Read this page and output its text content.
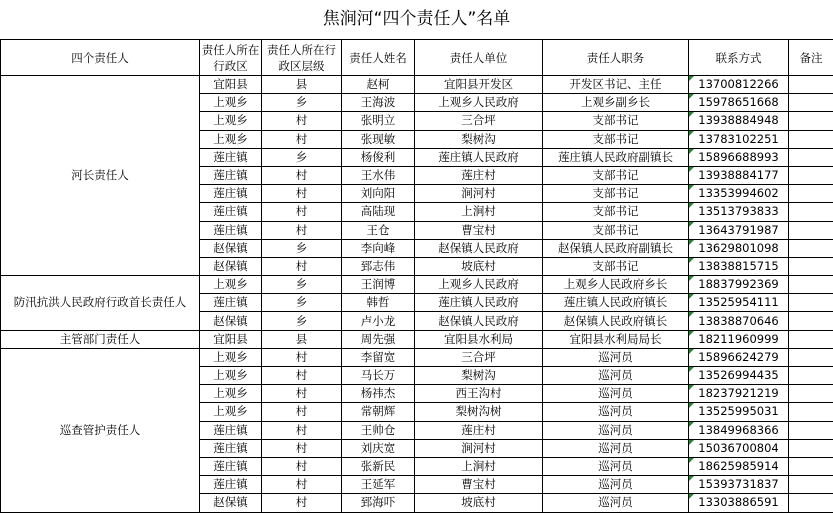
焦涧河“四个责任人”名单
四个责任人	责任人所在行政区	责任人所在行政区层级	责任人姓名	责任人单位	责任人职务	联系方式	备注
河长责任人	宜阳县	县	赵柯	宜阳县开发区	开发区书记、主任	13700812266	
	上观乡	乡	王海波	上观乡人民政府	上观乡副乡长	15978651668	
	上观乡	村	张明立	三合坪	支部书记	13938884948	
	上观乡	村	张现敏	梨树沟	支部书记	13783102251	
	莲庄镇	乡	杨俊利	莲庄镇人民政府	莲庄镇人民政府副镇长	15896688993	
	莲庄镇	村	王水伟	莲庄村	支部书记	13938884177	
	莲庄镇	村	刘向阳	涧河村	支部书记	13353994602	
	莲庄镇	村	高陆现	上涧村	支部书记	13513793833	
	莲庄镇	村	王仓	曹宝村	支部书记	13643791987	
	赵保镇	乡	李向峰	赵保镇人民政府	赵保镇人民政府副镇长	13629801098	
	赵保镇	村	郅志伟	坡底村	支部书记	13838815715	
防汛抗洪人民政府行政首长责任人	上观乡	乡	王润博	上观乡人民政府	上观乡人民政府乡长	18837992369	
	莲庄镇	乡	韩哲	莲庄镇人民政府	莲庄镇人民政府镇长	13525954111	
	赵保镇	乡	卢小龙	赵保镇人民政府	赵保镇人民政府镇长	13838870646	
主管部门责任人	宜阳县	县	周先强	宜阳县水利局	宜阳县水利局局长	18211960999	
巡查管护责任人	上观乡	村	李留宽	三合坪	巡河员	15896624279	
	上观乡	村	马长万	梨树沟	巡河员	13526994435	
	上观乡	村	杨祎杰	西王沟村	巡河员	18237921219	
	上观乡	村	常朝辉	梨树沟树	巡河员	13525995031	
	莲庄镇	村	王帅仓	莲庄村	巡河员	13849968366	
	莲庄镇	村	刘庆宽	涧河村	巡河员	15036700804	
	莲庄镇	村	张新民	上涧村	巡河员	18625985914	
	莲庄镇	村	王延军	曹宝村	巡河员	15393731837	
	赵保镇	村	郅海吓	坡底村	巡河员	13303886591	
